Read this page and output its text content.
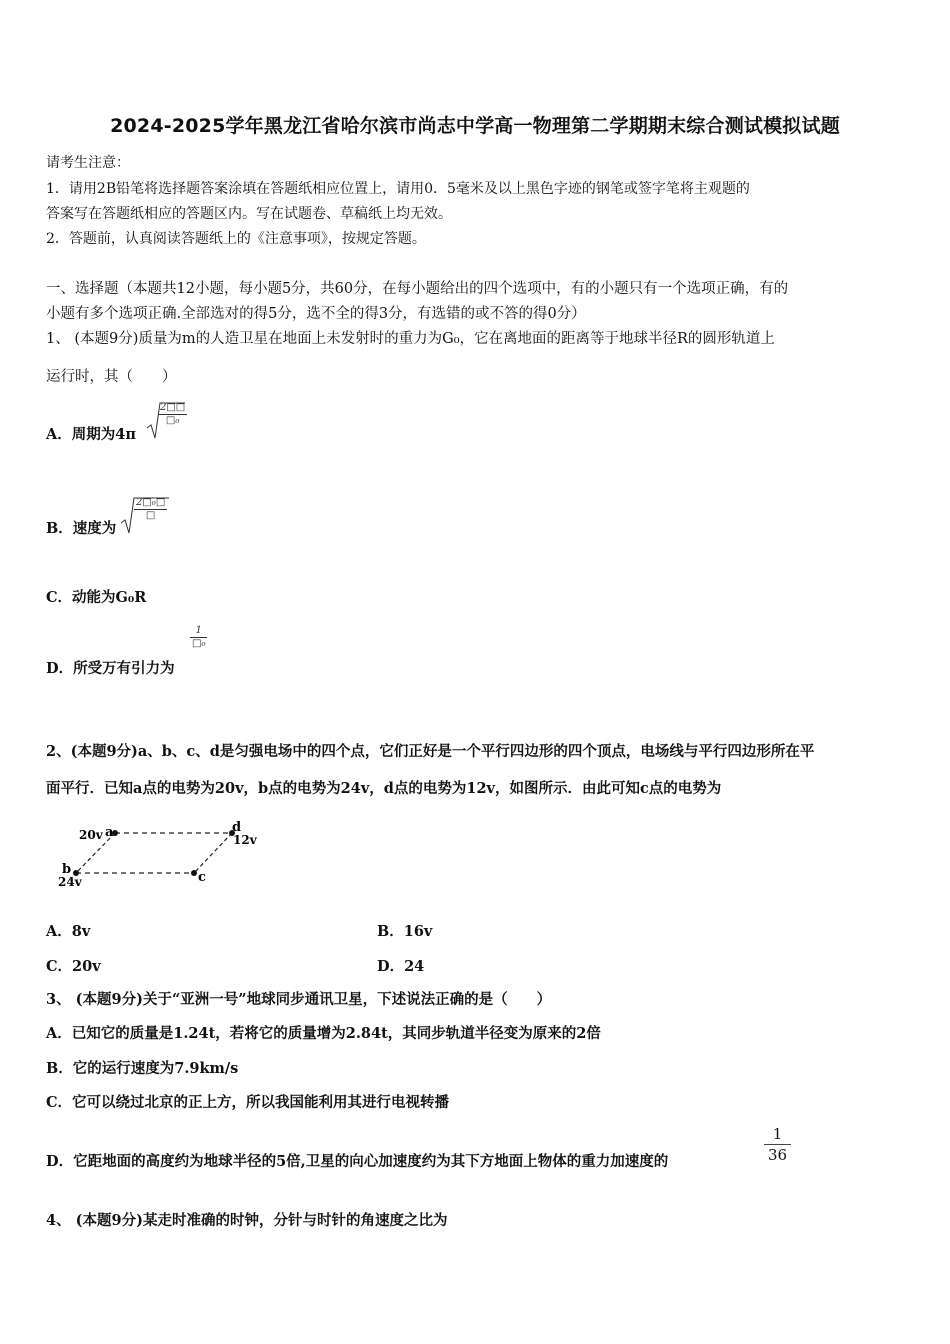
2024-2025学年黑龙江省哈尔滨市尚志中学高一物理第二学期期末综合测试模拟试题
请考生注意：
1．请用2B铅笔将选择题答案涂填在答题纸相应位置上，请用0．5毫米及以上黑色字迹的钢笔或签字笔将主观题的
答案写在答题纸相应的答题区内。写在试题卷、草稿纸上均无效。
2．答题前，认真阅读答题纸上的《注意事项》，按规定答题。
一、选择题（本题共12小题，每小题5分，共60分，在每小题给出的四个选项中，有的小题只有一个选项正确，有的
小题有多个选项正确.全部选对的得5分，选不全的得3分，有选错的或不答的得0分）
1、 (本题9分)质量为m的人造卫星在地面上未发射时的重力为G₀，它在离地面的距离等于地球半径R的圆形轨道上
运行时，其（　　）
A．周期为4π
$\frac{2□□}{\text{□₀}}$
B．速度为
$\frac{\text{2□₀□}}{□}$
C．动能为G₀R
D．所受万有引力为
$\frac{1}{\text{□₀}}$
2、(本题9分)a、b、c、d是匀强电场中的四个点，它们正好是一个平行四边形的四个顶点，电场线与平行四边形所在平
面平行．已知a点的电势为20v，b点的电势为24v，d点的电势为12v，如图所示．由此可知c点的电势为
20v a	d
12v
b
24v	c
A．8v	B．16v
C．20v	D．24
3、 (本题9分)关于“亚洲一号”地球同步通讯卫星，下述说法正确的是（　　）
A．已知它的质量是1.24t，若将它的质量增为2.84t，其同步轨道半径变为原来的2倍
B．它的运行速度为7.9km/s
C．它可以绕过北京的正上方，所以我国能利用其进行电视转播
D．它距地面的高度约为地球半径的5倍,卫星的向心加速度约为其下方地面上物体的重力加速度的	$\frac{1}{36}$
4、 (本题9分)某走时准确的时钟，分针与时针的角速度之比为
